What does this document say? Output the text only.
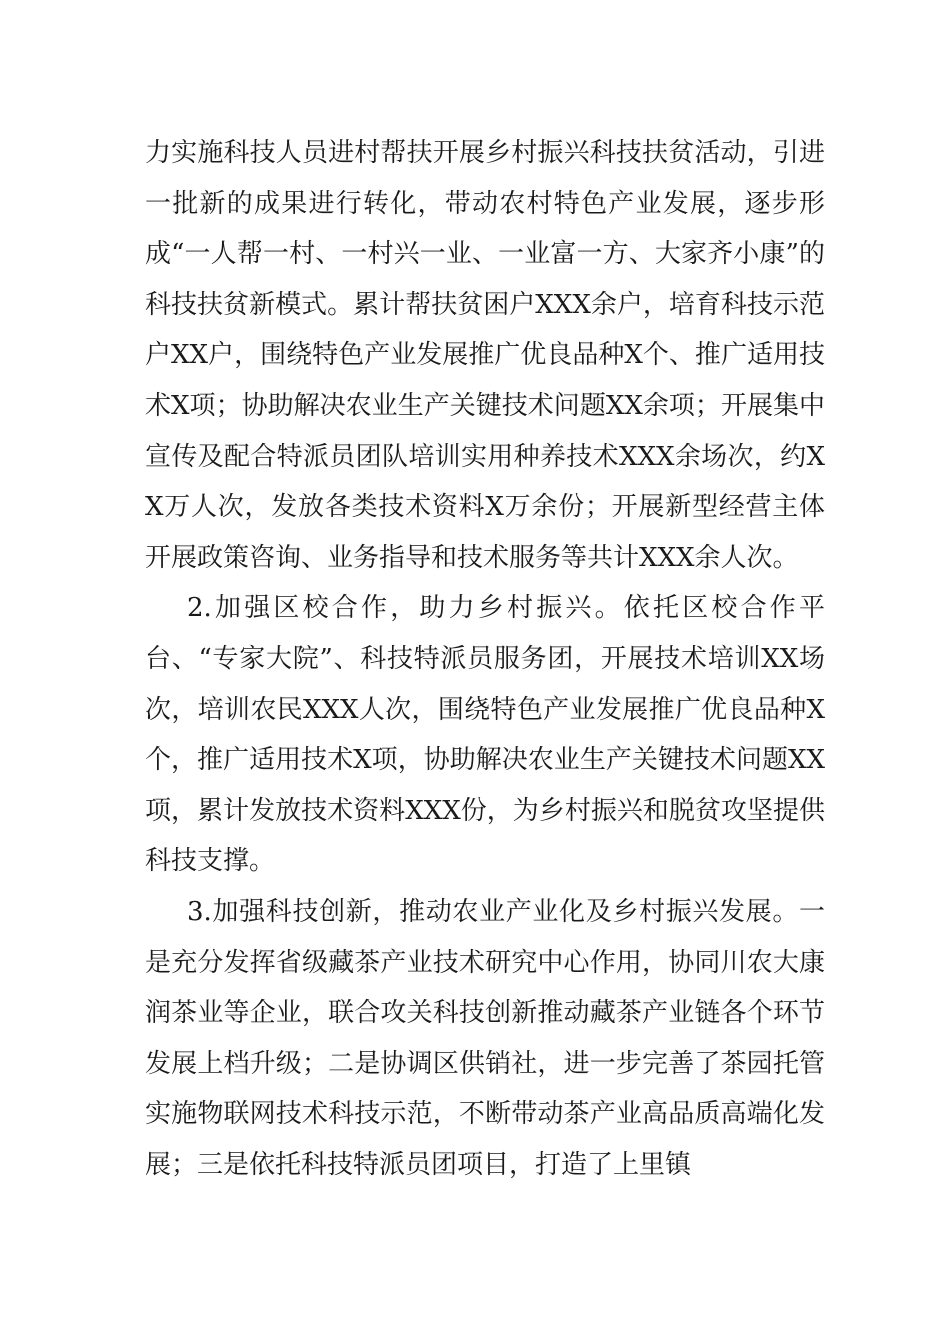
力实施科技人员进村帮扶开展乡村振兴科技扶贫活动，引进一批新的成果进行转化，带动农村特色产业发展，逐步形成“一人帮一村、一村兴一业、一业富一方、大家齐小康”的科技扶贫新模式。累计帮扶贫困户XXX余户，培育科技示范户XX户，围绕特色产业发展推广优良品种X个、推广适用技术X项；协助解决农业生产关键技术问题XX余项；开展集中宣传及配合特派员团队培训实用种养技术XXX余场次，约XX万人次，发放各类技术资料X万余份；开展新型经营主体开展政策咨询、业务指导和技术服务等共计XXX余人次。

2.加强区校合作，助力乡村振兴。依托区校合作平台、“专家大院”、科技特派员服务团，开展技术培训XX场次，培训农民XXX人次，围绕特色产业发展推广优良品种X个，推广适用技术X项，协助解决农业生产关键技术问题XX项，累计发放技术资料XXX份，为乡村振兴和脱贫攻坚提供科技支撑。

3.加强科技创新，推动农业产业化及乡村振兴发展。一是充分发挥省级藏茶产业技术研究中心作用，协同川农大康润茶业等企业，联合攻关科技创新推动藏茶产业链各个环节发展上档升级；二是协调区供销社，进一步完善了茶园托管实施物联网技术科技示范，不断带动茶产业高品质高端化发展；三是依托科技特派员团项目，打造了上里镇
